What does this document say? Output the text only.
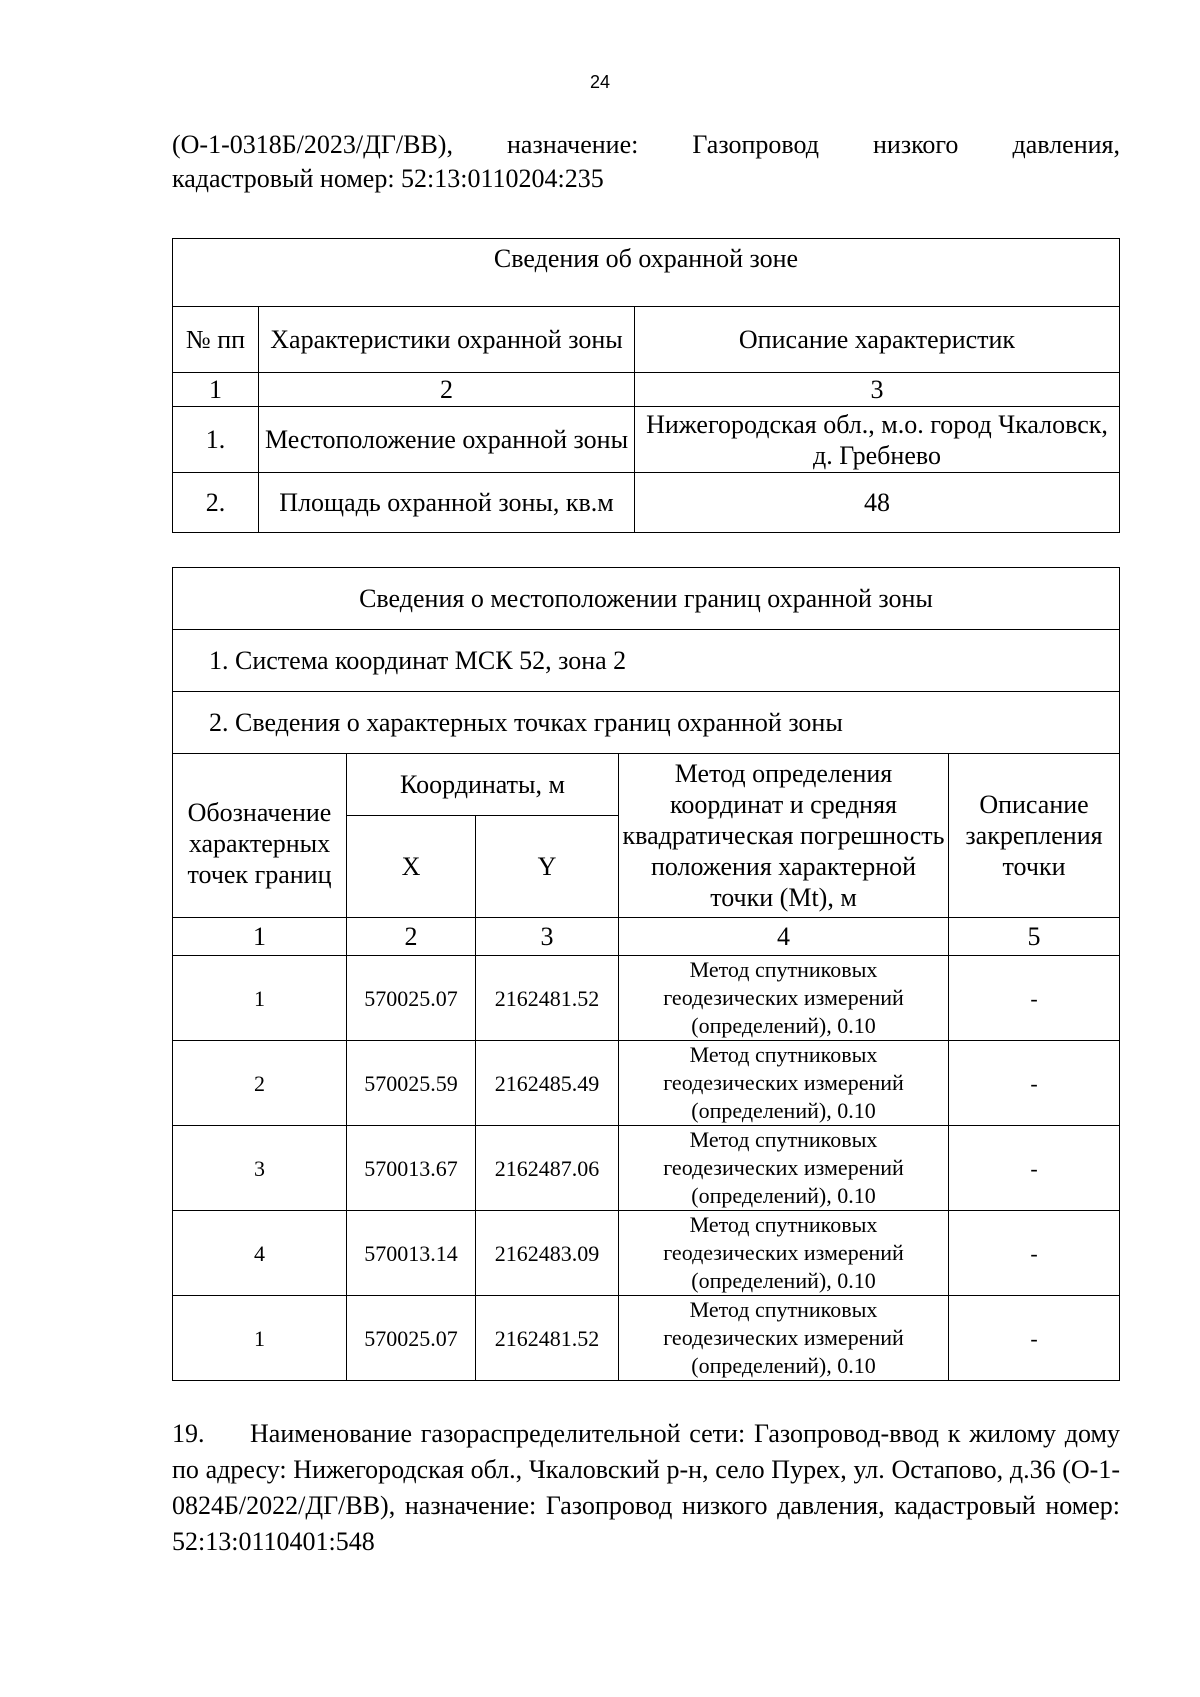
24
(О-1-0318Б/2023/ДГ/ВВ), назначение: Газопровод низкого давления,
кадастровый номер: 52:13:0110204:235
Сведения об охранной зоне		
№ пп	Характеристики охранной зоны	Описание характеристик
1	2	3
1.	Местоположение охранной зоны	Нижегородская обл., м.о. город Чкаловск, д. Гребнево
2.	Площадь охранной зоны, кв.м	48
Сведения о местоположении границ охранной зоны				
1. Система координат МСК 52, зона 2				
2. Сведения о характерных точках границ охранной зоны				
Обозначение характерных точек границ	Координаты, м		Метод определения координат и средняя квадратическая погрешность положения характерной точки (Mt), м	Описание закрепления точки
	X	Y		
1	2	3	4	5
1	570025.07	2162481.52	Метод спутниковых геодезических измерений (определений), 0.10	-
2	570025.59	2162485.49	Метод спутниковых геодезических измерений (определений), 0.10	-
3	570013.67	2162487.06	Метод спутниковых геодезических измерений (определений), 0.10	-
4	570013.14	2162483.09	Метод спутниковых геодезических измерений (определений), 0.10	-
1	570025.07	2162481.52	Метод спутниковых геодезических измерений (определений), 0.10	-
19. Наименование газораспределительной сети: Газопровод-ввод к жилому дому по адресу: Нижегородская обл., Чкаловский р-н, село Пурех, ул. Остапово, д.36 (О-1-0824Б/2022/ДГ/ВВ), назначение: Газопровод низкого давления, кадастровый номер: 52:13:0110401:548
